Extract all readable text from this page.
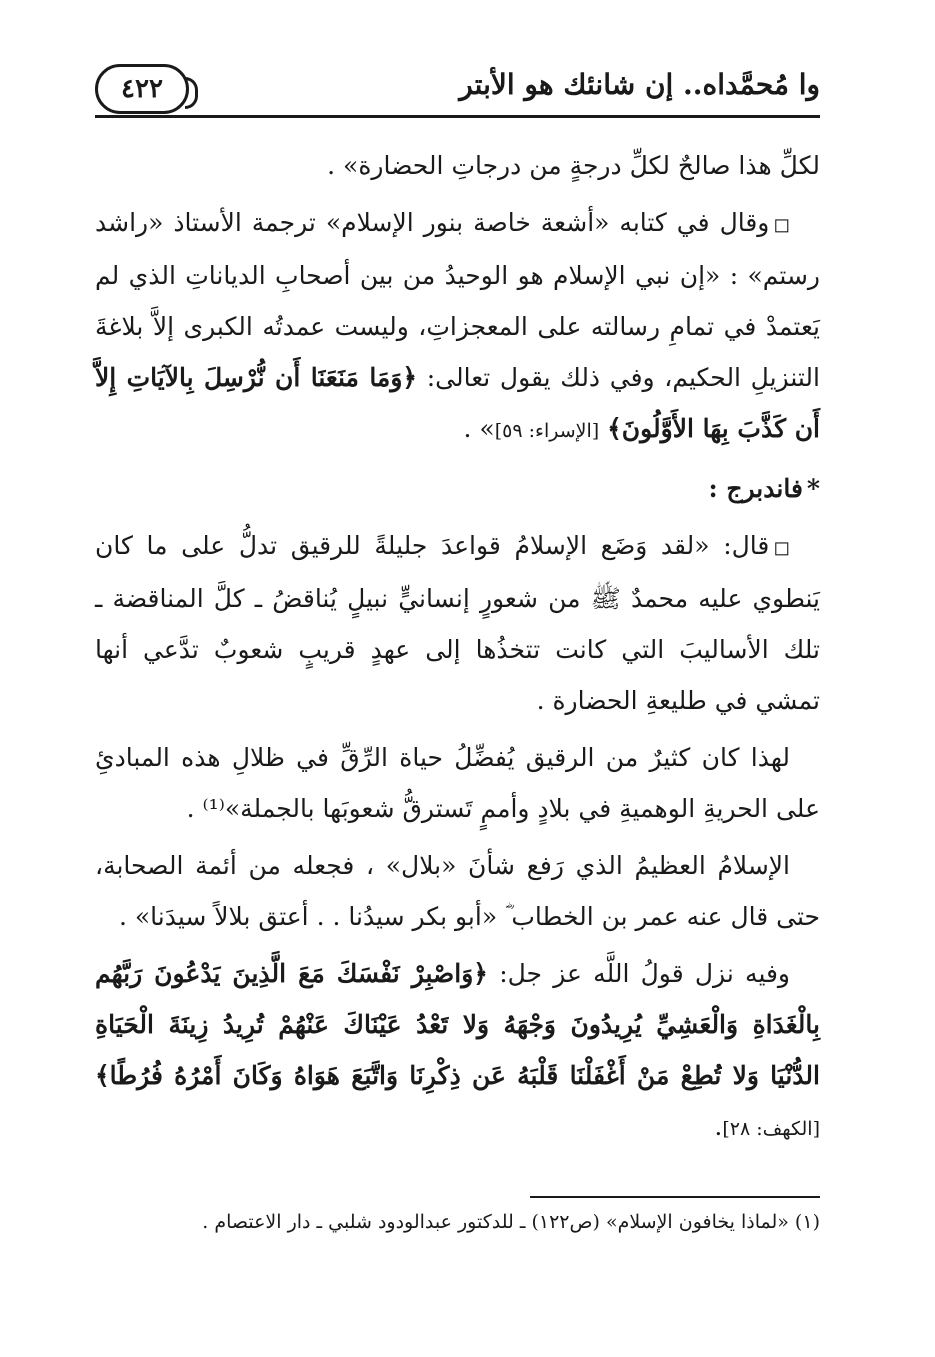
٤٢٢	وا مُحمَّداه.. إن شانئك هو الأبتر

لكلِّ هذا صالحٌ لكلِّ درجةٍ من درجاتِ الحضارة» .

◻وقال في كتابه «أشعة خاصة بنور الإسلام» ترجمة الأستاذ «راشد رستم» : «إن نبي الإسلام هو الوحيدُ من بين أصحابِ الدياناتِ الذي لم يَعتمدْ في تمامِ رسالته على المعجزاتِ، وليست عمدتُه الكبرى إلاَّ بلاغةَ التنزيلِ الحكيم، وفي ذلك يقول تعالى: ﴿وَمَا مَنَعَنَا أَن نُّرْسِلَ بِالآيَاتِ إِلاَّ أَن كَذَّبَ بِهَا الأَوَّلُونَ﴾ [الإسراء: ٥٩]» .

*فاندبرج :

◻قال: «لقد وَضَع الإسلامُ قواعدَ جليلةً للرقيق تدلُّ على ما كان يَنطوي عليه محمدٌ ﷺ من شعورٍ إنسانيٍّ نبيلٍ يُناقضُ ـ كلَّ المناقضة ـ تلك الأساليبَ التي كانت تتخذُها إلى عهدٍ قريبٍ شعوبٌ تدَّعي أنها تمشي في طليعةِ الحضارة .

لهذا كان كثيرٌ من الرقيق يُفضِّلُ حياة الرِّقِّ في ظلالِ هذه المبادئِ على الحريةِ الوهميةِ في بلادٍ وأممٍ تَسترقُّ شعوبَها بالجملة»⁽¹⁾ .

الإسلامُ العظيمُ الذي رَفع شأنَ «بلال» ، فجعله من أئمة الصحابة، حتى قال عنه عمر بن الخطاب ؓ «أبو بكر سيدُنا . . أعتق بلالاً سيدَنا» .

وفيه نزل قولُ اللَّه عز جل: ﴿وَاصْبِرْ نَفْسَكَ مَعَ الَّذِينَ يَدْعُونَ رَبَّهُم بِالْغَدَاةِ وَالْعَشِيِّ يُرِيدُونَ وَجْهَهُ وَلا تَعْدُ عَيْنَاكَ عَنْهُمْ تُرِيدُ زِينَةَ الْحَيَاةِ الدُّنْيَا وَلا تُطِعْ مَنْ أَغْفَلْنَا قَلْبَهُ عَن ذِكْرِنَا وَاتَّبَعَ هَوَاهُ وَكَانَ أَمْرُهُ فُرُطًا﴾ [الكهف: ٢٨].

(١) «لماذا يخافون الإسلام» (ص١٢٢) ـ للدكتور عبدالودود شلبي ـ دار الاعتصام .
